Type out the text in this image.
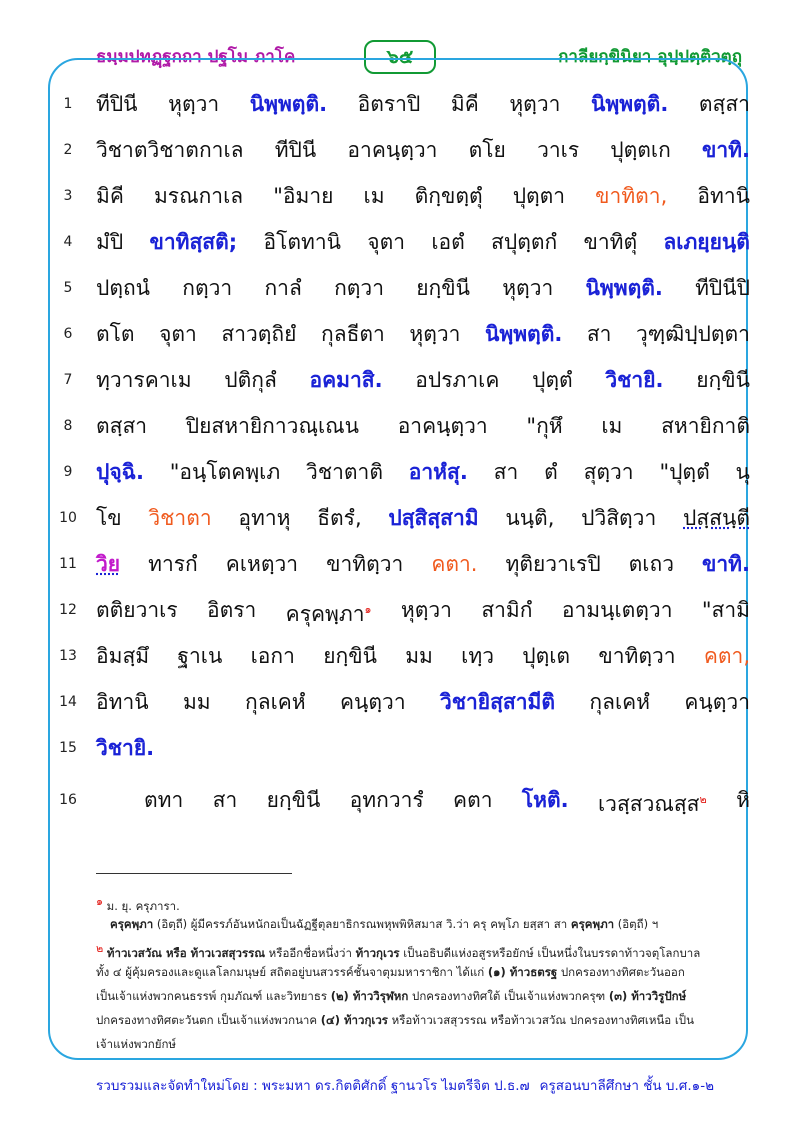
ธมฺมปทฏฺฐกถา ปฐโม ภาโค	๖๕	กาลียกฺขินิยา อุปฺปตฺติวตฺถุ
1	ทีปินี หุตฺวา นิพฺพตฺติ. อิตราปิ มิคี หุตฺวา นิพฺพตฺติ. ตสฺสา
2	วิชาตวิชาตกาเล ทีปินี อาคนฺตฺวา ตโย วาเร ปุตฺตเก ขาทิ.
3	มิคี มรณกาเล "อิมาย เม ติกฺขตฺตุํ ปุตฺตา ขาทิตา, อิทานิ
4	มํปิ ขาทิสฺสติ; อิโตทานิ จุตา เอตํ สปุตฺตกํ ขาทิตุํ ลเภยฺยนฺติ
5	ปตฺถนํ กตฺวา กาลํ กตฺวา ยกฺขินี หุตฺวา นิพฺพตฺติ. ทีปินีปิ
6	ตโต จุตา สาวตฺถิยํ กุลธีตา หุตฺวา นิพฺพตฺติ. สา วุฑฺฒิปฺปตฺตา
7	ทฺวารคาเม ปติกุลํ อคมาสิ. อปรภาเค ปุตฺตํ วิชายิ. ยกฺขินี
8	ตสฺสา ปิยสหายิกาวณฺเณน อาคนฺตฺวา "กุหึ เม สหายิกาติ
9	ปุจฺฉิ. "อนฺโตคพฺเภ วิชาตาติ อาหํสุ. สา ตํ สุตฺวา "ปุตฺตํ นุ
10 โข วิชาตา อุทาหุ ธีตรํ, ปสฺสิสฺสามิ นนฺติ, ปวิสิตฺวา ปสฺสนฺตี
11 วิย ทารกํ คเหตฺวา ขาทิตฺวา คตา. ทุติยวาเรปิ ตเถว ขาทิ.
12 ตติยวาเร อิตรา ครุคพฺภา$^๑$ หุตฺวา สามิกํ อามนฺเตตฺวา "สามิ
13 อิมสฺมึ ฐาเน เอกา ยกฺขินี มม เทฺว ปุตฺเต ขาทิตฺวา คตา,
14 อิทานิ มม กุลเคหํ คนฺตฺวา วิชายิสฺสามีติ กุลเคหํ คนฺตฺวา
15 วิชายิ.
16	ตทา สา ยกฺขินี อุทกวารํ คตา โหติ. เวสฺสวณสฺส$^๒$ หิ
$^๑$ ม. ยุ. ครุภารา.
ครุคพฺภา (อิตฺถี) ผู้มีครรภ์อันหนักอเป็นฉัฏฐีตุลยาธิกรณพหุพพิหิสมาส วิ.ว่า ครุ คพฺโภ ยสฺสา สา ครุคพฺภา (อิตฺถี) ฯ
$^๒$ ท้าวเวสวัณ หรือ ท้าวเวสสุวรรณ หรืออีกชื่อหนึ่งว่า ท้าวกุเวร เป็นอธิบดีแห่งอสูรหรือยักษ์ เป็นหนึ่งในบรรดาท้าวจตุโลกบาล
ทั้ง ๔ ผู้คุ้มครองและดูแลโลกมนุษย์ สถิตอยู่บนสวรรค์ชั้นจาตุมมหาราชิกา ได้แก่ (๑) ท้าวธตรฐ ปกครองทางทิศตะวันออก
เป็นเจ้าแห่งพวกคนธรรพ์ กุมภัณฑ์ และวิทยาธร (๒) ท้าววิรุฬหก ปกครองทางทิศใต้ เป็นเจ้าแห่งพวกครุฑ (๓) ท้าววิรูปักษ์
ปกครองทางทิศตะวันตก เป็นเจ้าแห่งพวกนาค (๔) ท้าวกุเวร หรือท้าวเวสสุวรรณ หรือท้าวเวสวัณ ปกครองทางทิศเหนือ เป็น
เจ้าแห่งพวกยักษ์
รวบรวมและจัดทำใหม่โดย : พระมหา ดร.กิตติศักดิ์ ฐานวโร ไมตรีจิต ป.ธ.๗ ครูสอนบาลีศึกษา ชั้น บ.ศ.๑-๒
